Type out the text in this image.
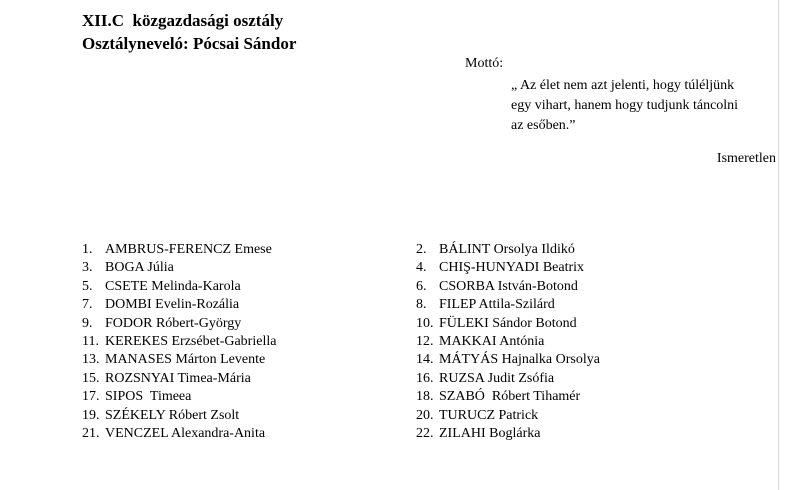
XII.C  közgazdasági osztály
Osztályneveló: Pócsai Sándor
Mottó:
„ Az élet nem azt jelenti, hogy túléljünk
egy vihart, hanem hogy tudjunk táncolni
az esőben.”
Ismeretlen
1. AMBRUS-FERENCZ Emese
3. BOGA Júlia
5. CSETE Melinda-Karola
7. DOMBI Evelin-Rozália
9. FODOR Róbert-György
11. KEREKES Erzsébet-Gabriella
13. MANASES Márton Levente
15. ROZSNYAI Timea-Mária
17. SIPOS  Timeea
19. SZÉKELY Róbert Zsolt
21. VENCZEL Alexandra-Anita
2. BÁLINT Orsolya Ildikó
4. CHIŞ-HUNYADI Beatrix
6. CSORBA István-Botond
8. FILEP Attila-Szilárd
10. FÜLEKI Sándor Botond
12. MAKKAI Antónia
14. MÁTYÁS Hajnalka Orsolya
16. RUZSA Judit Zsófia
18. SZABÓ  Róbert Tihamér
20. TURUCZ Patrick
22. ZILAHI Boglárka
